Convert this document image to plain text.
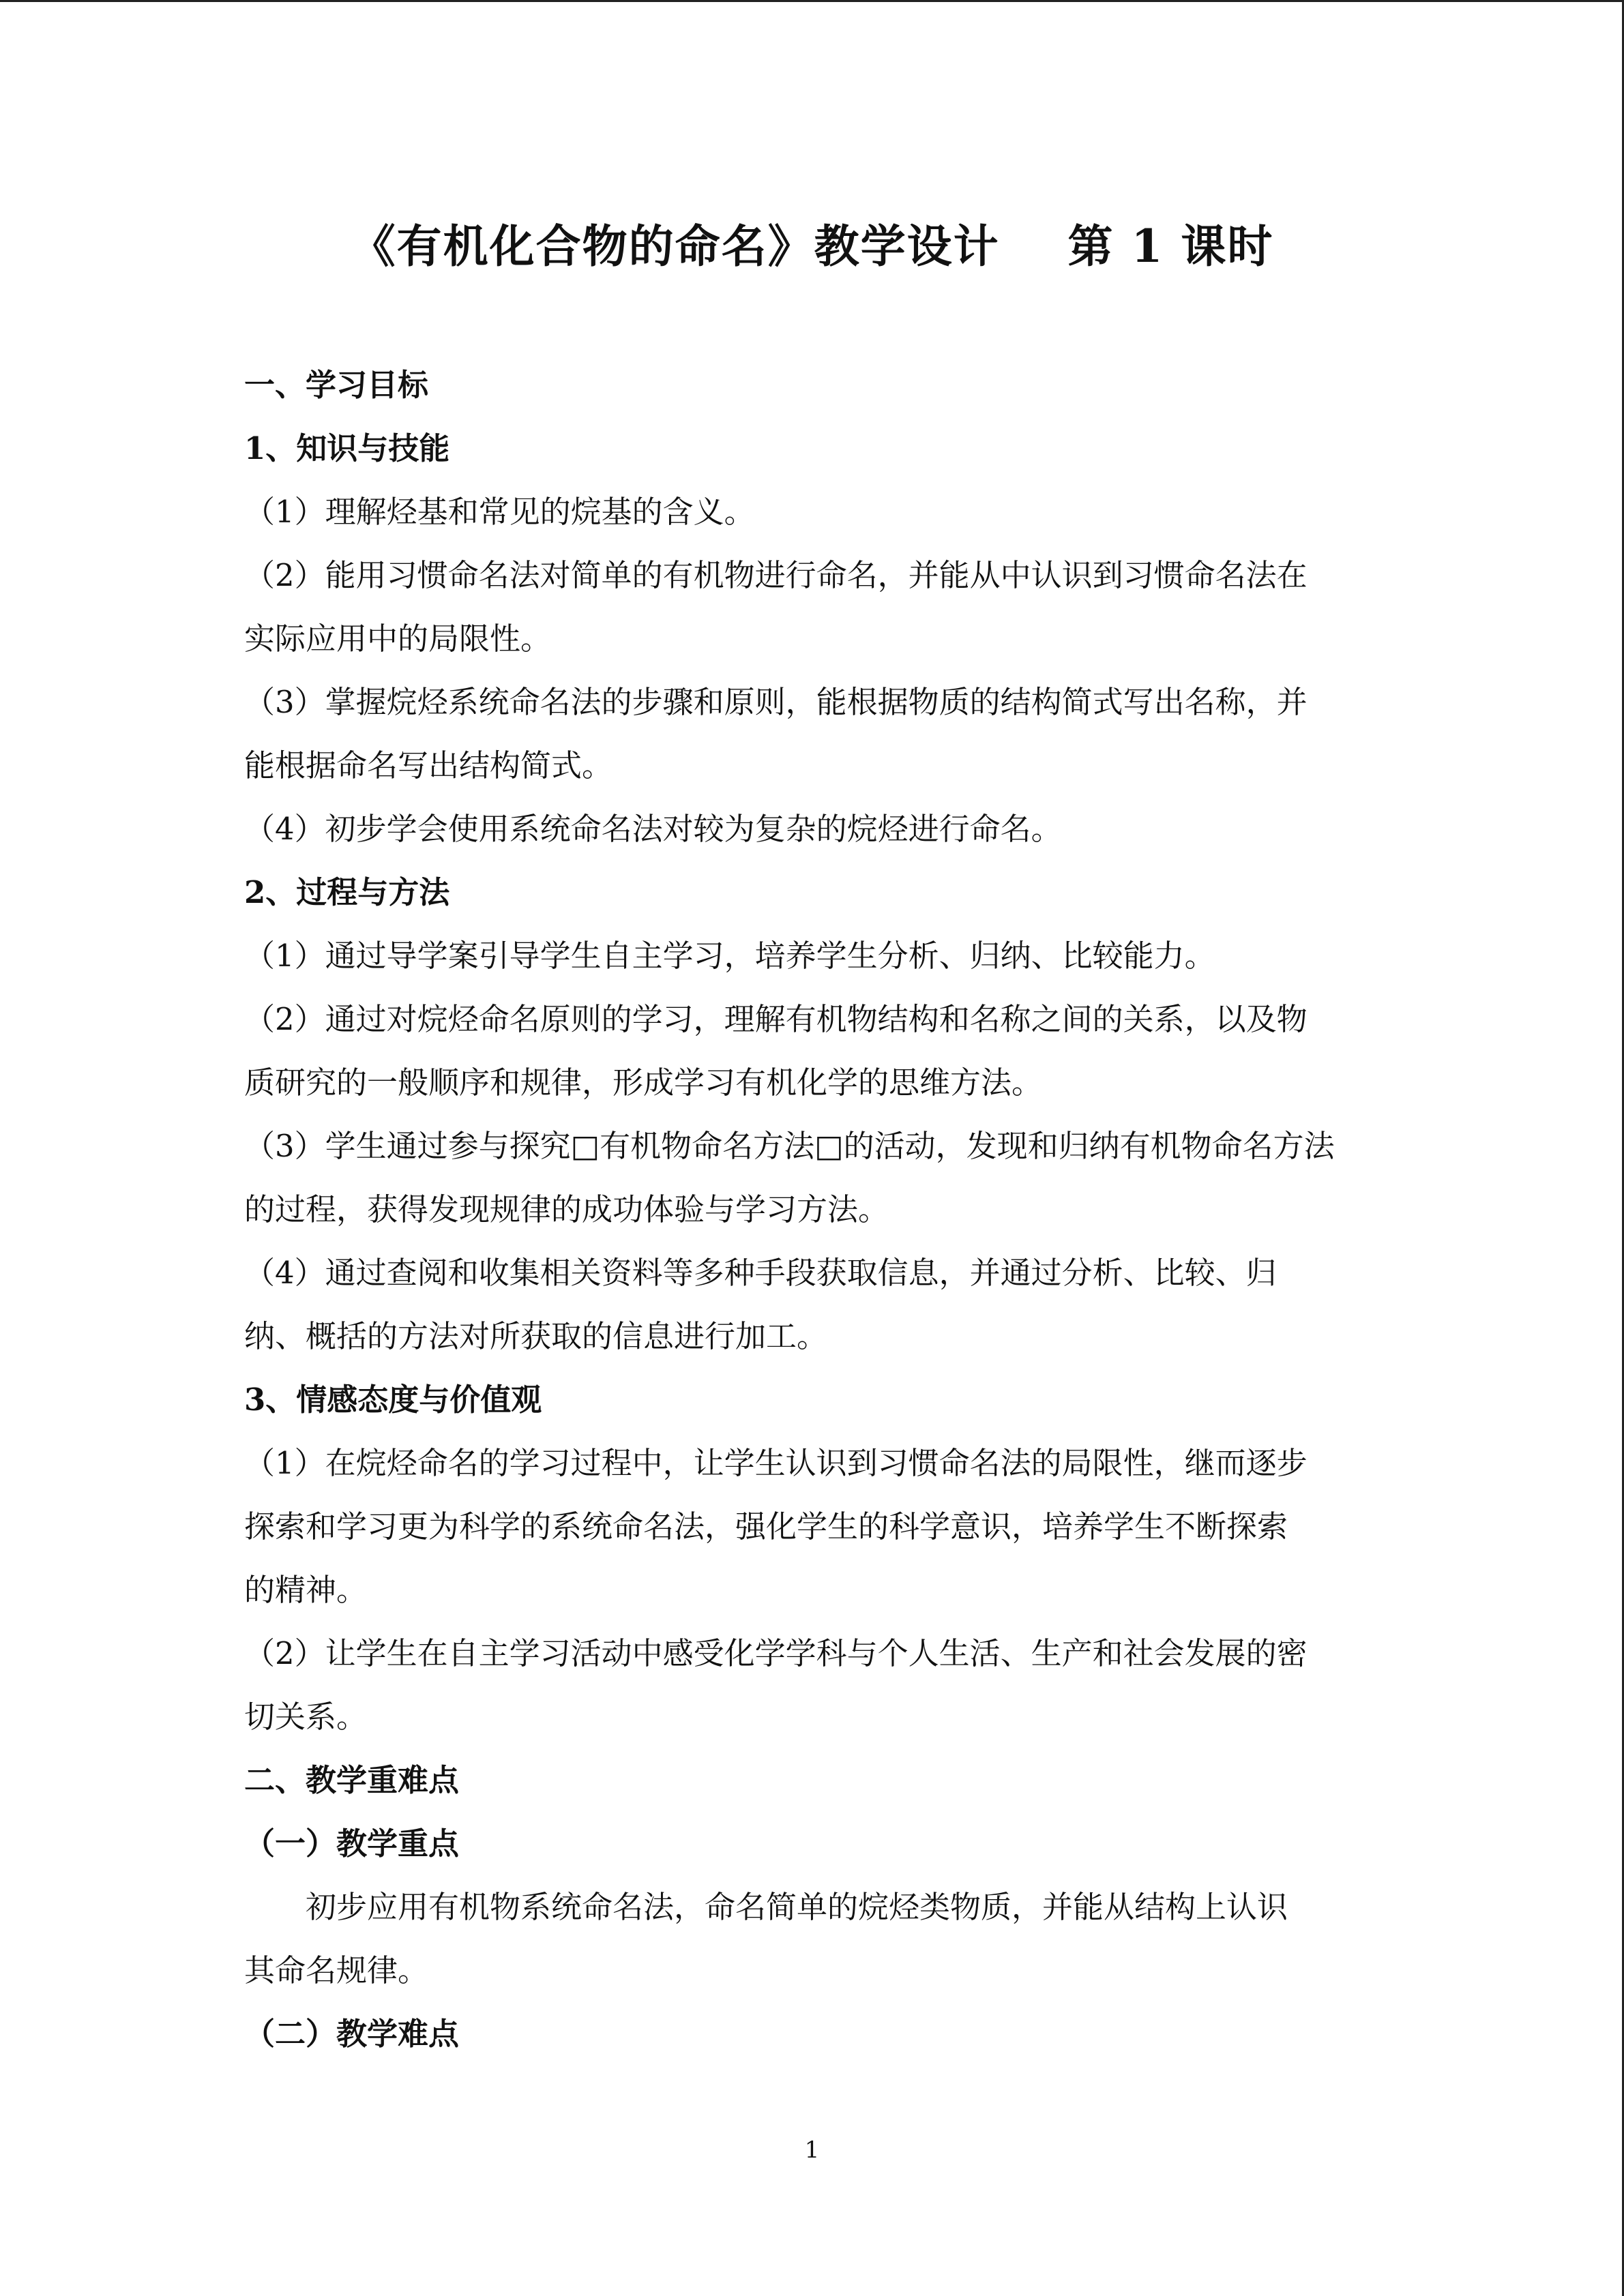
《有机化合物的命名》教学设计    第 1 课时
一、学习目标
1、知识与技能
（1）理解烃基和常见的烷基的含义。
（2）能用习惯命名法对简单的有机物进行命名，并能从中认识到习惯命名法在
实际应用中的局限性。
（3）掌握烷烃系统命名法的步骤和原则，能根据物质的结构简式写出名称，并
能根据命名写出结构简式。
（4）初步学会使用系统命名法对较为复杂的烷烃进行命名。
2、过程与方法
（1）通过导学案引导学生自主学习，培养学生分析、归纳、比较能力。
（2）通过对烷烃命名原则的学习，理解有机物结构和名称之间的关系，以及物
质研究的一般顺序和规律，形成学习有机化学的思维方法。
（3）学生通过参与探究□有机物命名方法□的活动，发现和归纳有机物命名方法
的过程，获得发现规律的成功体验与学习方法。
（4）通过查阅和收集相关资料等多种手段获取信息，并通过分析、比较、归
纳、概括的方法对所获取的信息进行加工。
3、情感态度与价值观
（1）在烷烃命名的学习过程中，让学生认识到习惯命名法的局限性，继而逐步
探索和学习更为科学的系统命名法，强化学生的科学意识，培养学生不断探索
的精神。
（2）让学生在自主学习活动中感受化学学科与个人生活、生产和社会发展的密
切关系。
二、教学重难点
（一）教学重点
初步应用有机物系统命名法，命名简单的烷烃类物质，并能从结构上认识
其命名规律。
（二）教学难点
1
